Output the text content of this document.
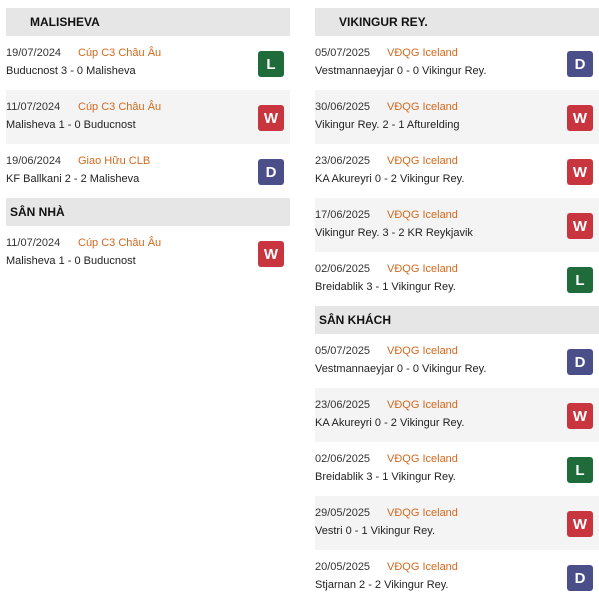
MALISHEVA
19/07/2024 Cúp C3 Châu Âu
Buducnost 3 - 0 Malisheva	L
11/07/2024 Cúp C3 Châu Âu
Malisheva 1 - 0 Buducnost	W
19/06/2024 Giao Hữu CLB
KF Ballkani 2 - 2 Malisheva	D
SÂN NHÀ
11/07/2024 Cúp C3 Châu Âu
Malisheva 1 - 0 Buducnost	W
VIKINGUR REY.
05/07/2025 VĐQG Iceland
Vestmannaeyjar 0 - 0 Vikingur Rey.	D
30/06/2025 VĐQG Iceland
Vikingur Rey. 2 - 1 Afturelding	W
23/06/2025 VĐQG Iceland
KA Akureyri 0 - 2 Vikingur Rey.	W
17/06/2025 VĐQG Iceland
Vikingur Rey. 3 - 2 KR Reykjavik	W
02/06/2025 VĐQG Iceland
Breidablik 3 - 1 Vikingur Rey.	L
SÂN KHÁCH
05/07/2025 VĐQG Iceland
Vestmannaeyjar 0 - 0 Vikingur Rey.	D
23/06/2025 VĐQG Iceland
KA Akureyri 0 - 2 Vikingur Rey.	W
02/06/2025 VĐQG Iceland
Breidablik 3 - 1 Vikingur Rey.	L
29/05/2025 VĐQG Iceland
Vestri 0 - 1 Vikingur Rey.	W
20/05/2025 VĐQG Iceland
Stjarnan 2 - 2 Vikingur Rey.	D
